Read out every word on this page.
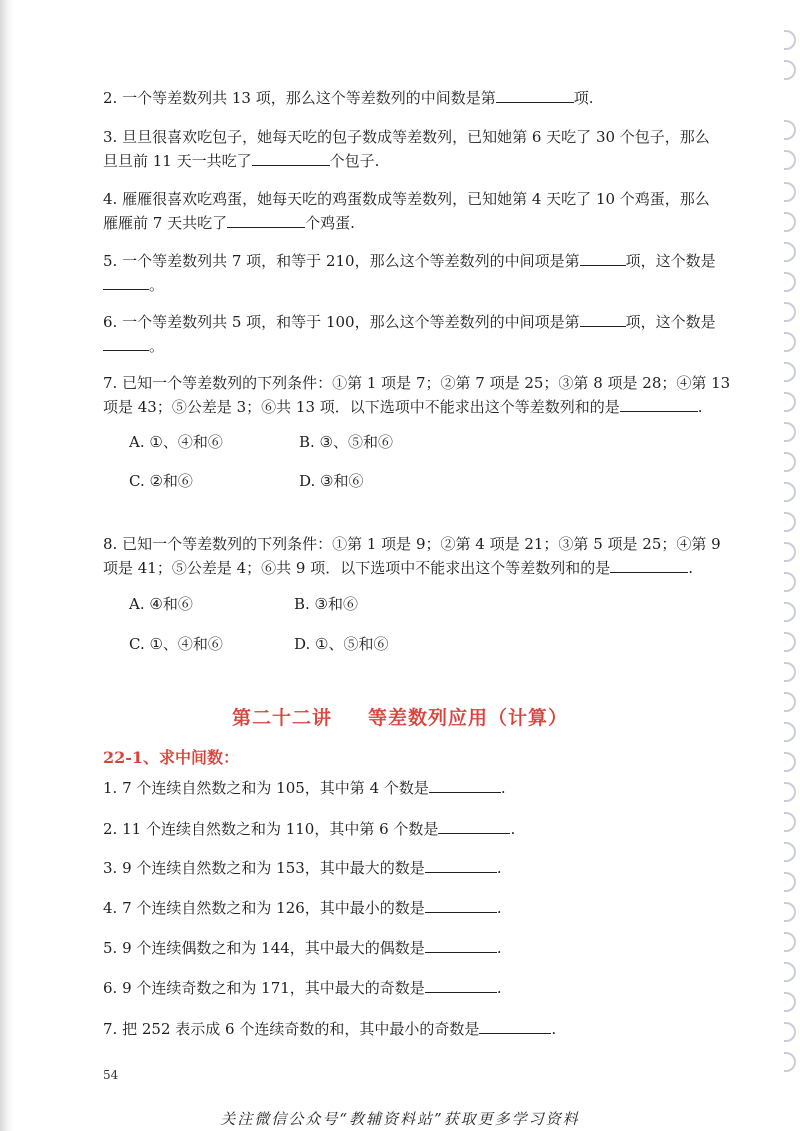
2. 一个等差数列共 13 项，那么这个等差数列的中间数是第	项.
3. 旦旦很喜欢吃包子，她每天吃的包子数成等差数列，已知她第 6 天吃了 30 个包子，那么
旦旦前 11 天一共吃了	个包子.
4. 雁雁很喜欢吃鸡蛋，她每天吃的鸡蛋数成等差数列，已知她第 4 天吃了 10 个鸡蛋，那么
雁雁前 7 天共吃了	个鸡蛋.
5. 一个等差数列共 7 项，和等于 210，那么这个等差数列的中间项是第	项，这个数是
。
6. 一个等差数列共 5 项，和等于 100，那么这个等差数列的中间项是第	项，这个数是
。
7. 已知一个等差数列的下列条件：①第 1 项是 7；②第 7 项是 25；③第 8 项是 28；④第 13
项是 43；⑤公差是 3；⑥共 13 项．以下选项中不能求出这个等差数列和的是	.
A. ①、④和⑥	B. ③、⑤和⑥
C. ②和⑥	D. ③和⑥
8. 已知一个等差数列的下列条件：①第 1 项是 9；②第 4 项是 21；③第 5 项是 25；④第 9
项是 41；⑤公差是 4；⑥共 9 项．以下选项中不能求出这个等差数列和的是	.
A. ④和⑥	B. ③和⑥
C. ①、④和⑥	D. ①、⑤和⑥
第二十二讲 等差数列应用（计算）
22-1、求中间数：
1. 7 个连续自然数之和为 105，其中第 4 个数是	.
2. 11 个连续自然数之和为 110，其中第 6 个数是	.
3. 9 个连续自然数之和为 153，其中最大的数是	.
4. 7 个连续自然数之和为 126，其中最小的数是	.
5. 9 个连续偶数之和为 144，其中最大的偶数是	.
6. 9 个连续奇数之和为 171，其中最大的奇数是	.
7. 把 252 表示成 6 个连续奇数的和，其中最小的奇数是	.
54
关注微信公众号“教辅资料站”获取更多学习资料
